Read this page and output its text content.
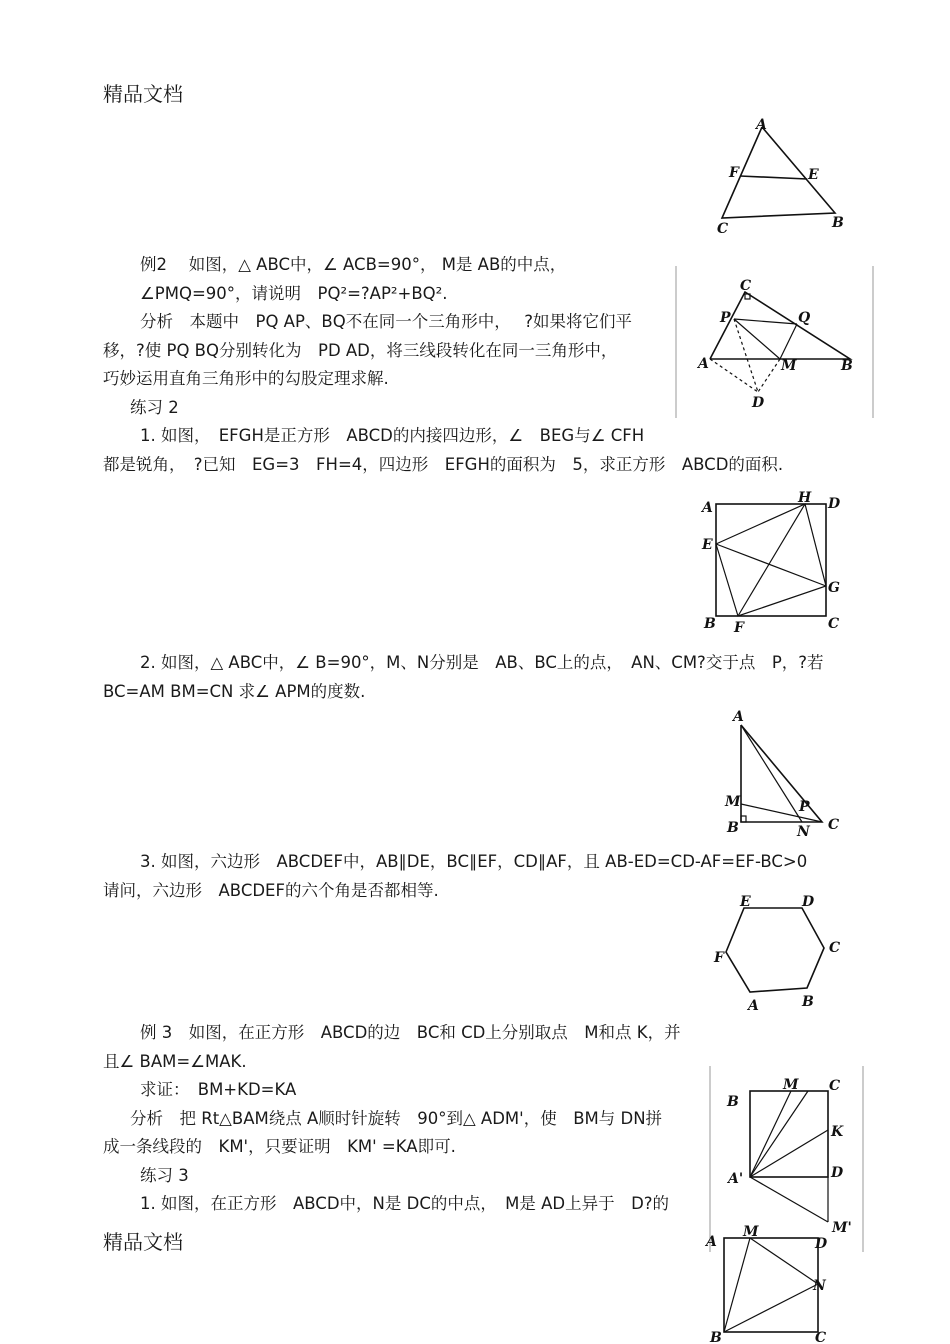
精品文档
A
F	E
C	B
例2　 如图，△ ABC中，∠ ACB=90°， M是 AB的中点，
∠PMQ=90°，请说明　PQ²=?AP²+BQ².
分析　本题中　PQ AP、BQ不在同一个三角形中，　 ?如果将它们平
移，?使 PQ BQ分别转化为　PD AD，将三线段转化在同一三角形中，
巧妙运用直角三角形中的勾股定理求解.
C
P	Q
A	M	B
D
练习 2
1. 如图，　EFGH是正方形　ABCD的内接四边形，∠　BEG与∠ CFH
都是锐角，　?已知　EG=3　FH=4，四边形　EFGH的面积为　5，求正方形　ABCD的面积.
A
H D
E
G
B F	C
2. 如图，△ ABC中，∠ B=90°，M、N分别是　AB、BC上的点，　AN、CM?交于点　P，?若
BC=AM BM=CN 求∠ APM的度数.
A
M	P
B	N C
3. 如图，六边形　ABCDEF中，AB∥DE，BC∥EF，CD∥AF，且 AB-ED=CD-AF=EF-BC>0
请问，六边形　ABCDEF的六个角是否都相等.
E	D
F
C
A	B
例 3　如图，在正方形　ABCD的边　BC和 CD上分别取点　M和点 K，并
且∠ BAM=∠MAK.
求证：　BM+KD=KA
分析　把 Rt△BAM绕点 A顺时针旋转　90°到△ ADM'，使　BM与 DN拼
成一条线段的　KM'，只要证明　KM' =KA即可.
B
M C
K
A'	D
M'
练习 3
1. 如图，在正方形　ABCD中，N是 DC的中点，　M是 AD上异于　D?的
精品文档	A
M
D
N
B	C
